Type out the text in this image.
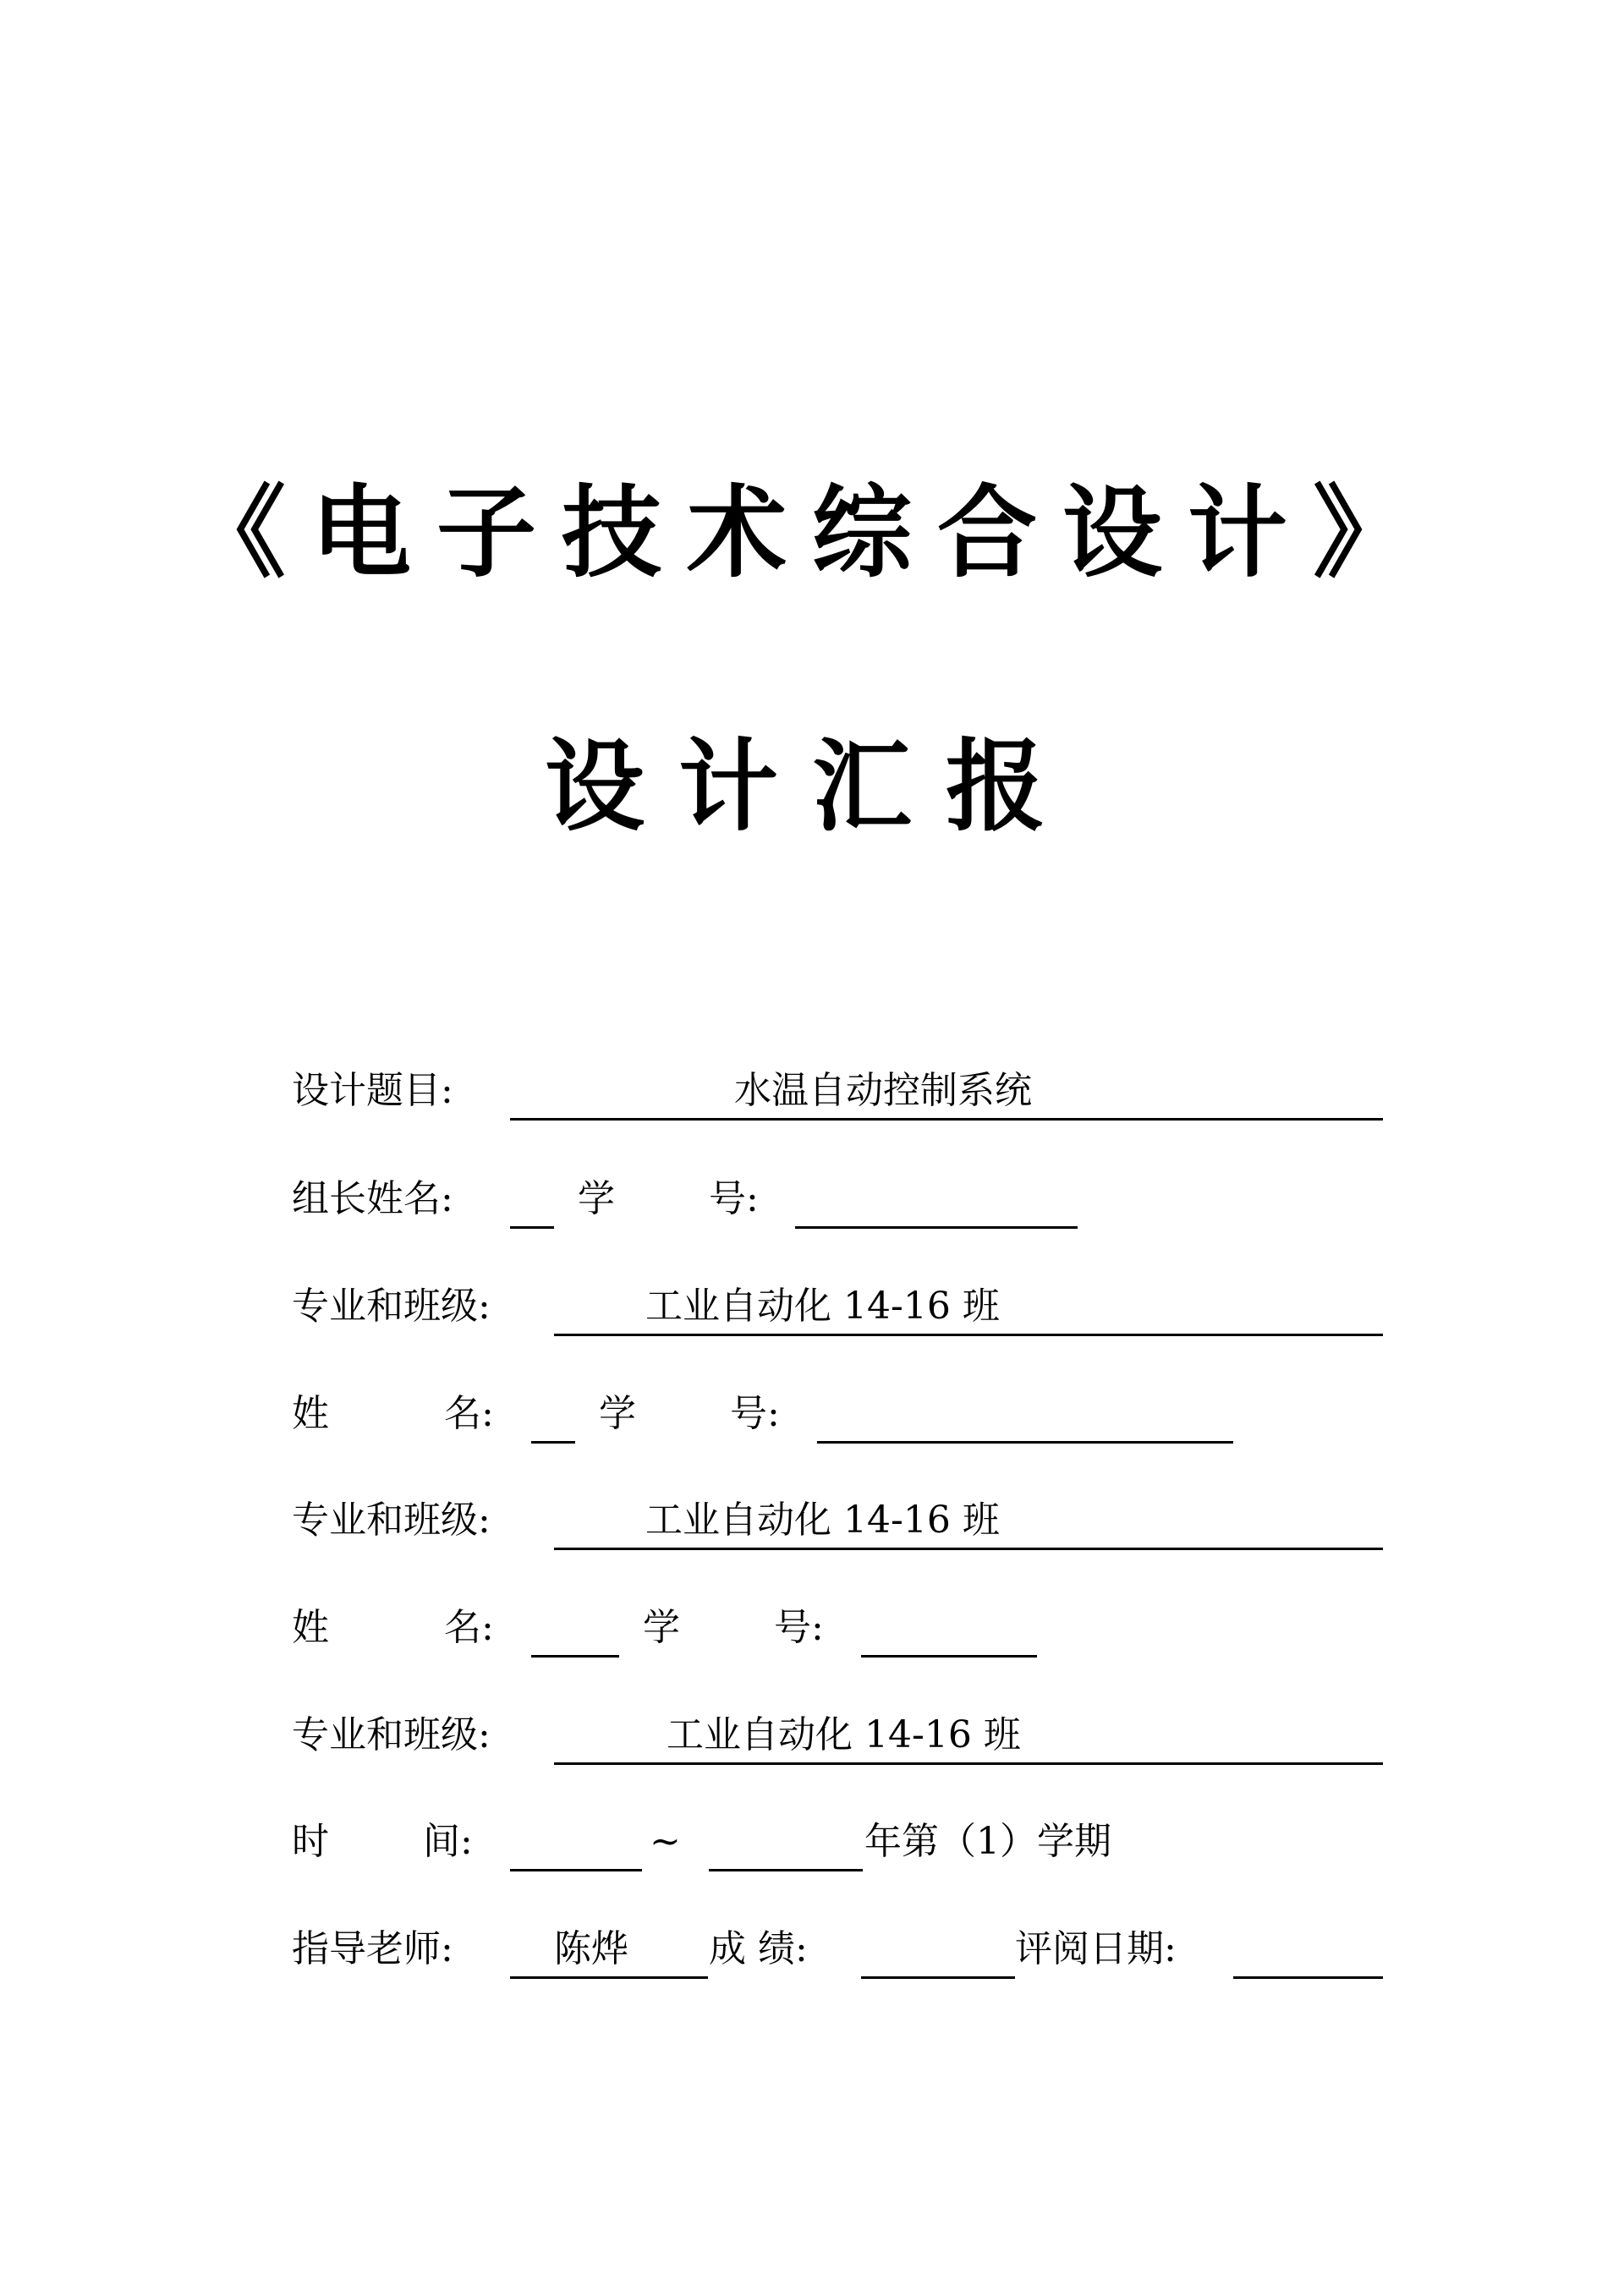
《电子技术综合设计》
设计汇报
设计题目:	水温自动控制系统
组长姓名:	学	号:
专业和班级:	工业自动化 14-16 班
姓	名:	学	号:
专业和班级:	工业自动化 14-16 班
姓	名:	学	号:
专业和班级:	工业自动化 14-16 班
时	间:	~	年第（1）学期
指导老师:	陈烨 成 绩:	评阅日期:
